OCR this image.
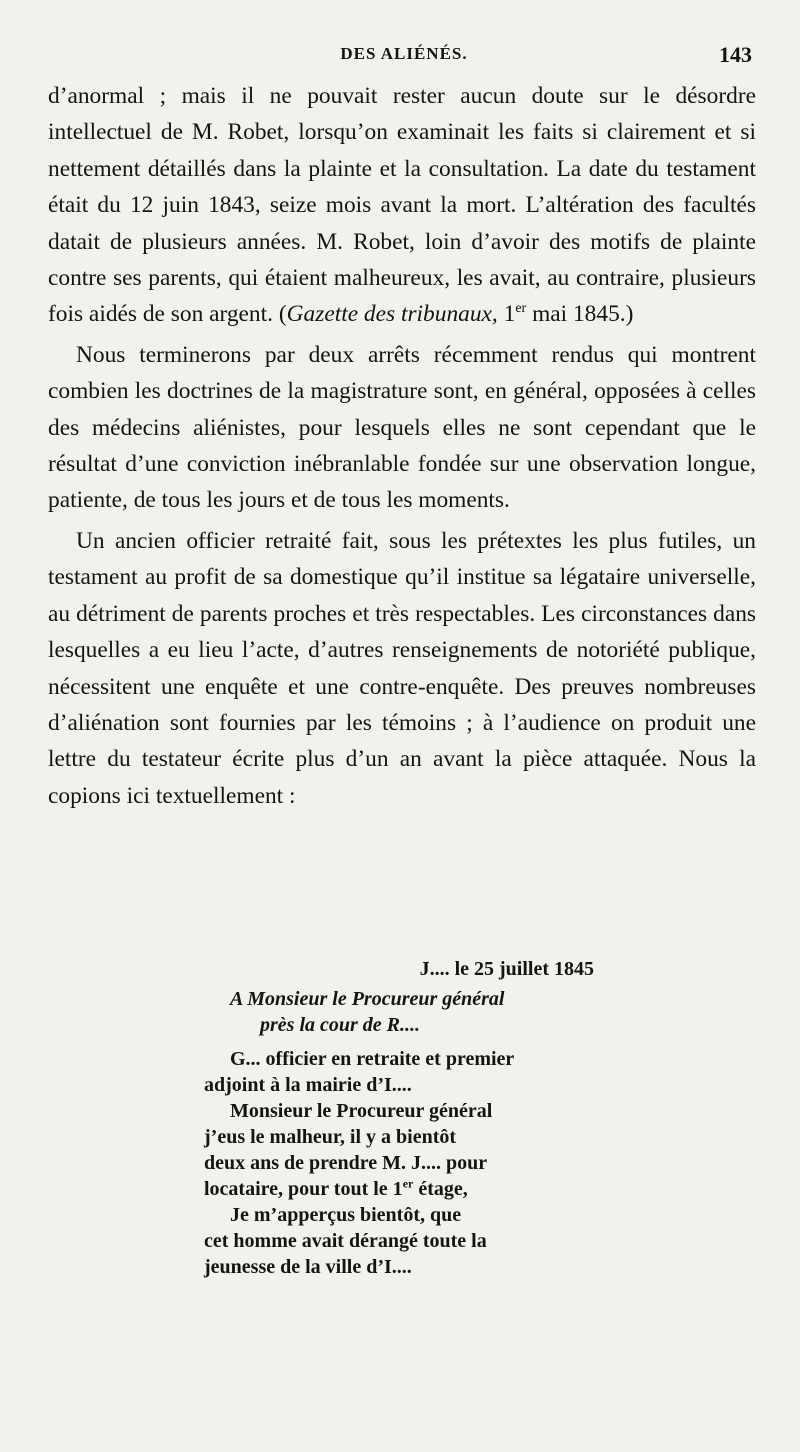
DES ALIÉNÉS.	143

d’anormal ; mais il ne pouvait rester aucun doute sur le désordre intellectuel de M. Robet, lorsqu’on examinait les faits si clairement et si nettement détaillés dans la plainte et la consultation. La date du testament était du 12 juin 1843, seize mois avant la mort. L’altération des facultés datait de plusieurs années. M. Robet, loin d’avoir des motifs de plainte contre ses parents, qui étaient malheureux, les avait, au contraire, plusieurs fois aidés de son argent. (Gazette des tribunaux, 1er mai 1845.)

Nous terminerons par deux arrêts récemment rendus qui montrent combien les doctrines de la magistrature sont, en général, opposées à celles des médecins aliénistes, pour lesquels elles ne sont cependant que le résultat d’une conviction inébranlable fondée sur une observation longue, patiente, de tous les jours et de tous les moments.

Un ancien officier retraité fait, sous les prétextes les plus futiles, un testament au profit de sa domestique qu’il institue sa légataire universelle, au détriment de parents proches et très respectables. Les circonstances dans lesquelles a eu lieu l’acte, d’autres renseignements de notoriété publique, nécessitent une enquête et une contre-enquête. Des preuves nombreuses d’aliénation sont fournies par les témoins ; à l’audience on produit une lettre du testateur écrite plus d’un an avant la pièce attaquée. Nous la copions ici textuellement :

J.... le 25 juillet 1845
A Monsieur le Procureur général
près la cour de R....
G... officier en retraite et premier
adjoint à la mairie d’I....
Monsieur le Procureur général
j’eus le malheur, il y a bientôt
deux ans de prendre M. J.... pour
locataire, pour tout le 1er étage,
Je m’apperçus bientôt, que
cet homme avait dérangé toute la
jeunesse de la ville d’I....
